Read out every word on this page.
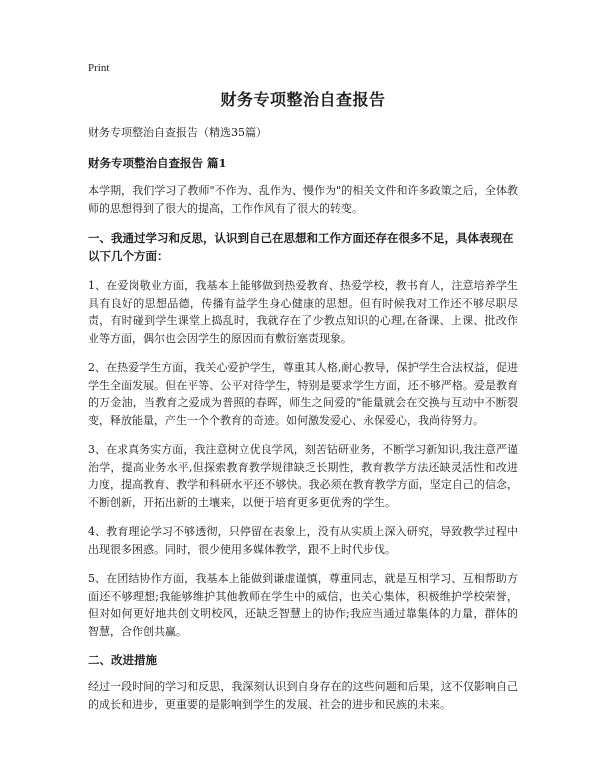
Print
财务专项整治自查报告
财务专项整治自查报告（精选35篇）
财务专项整治自查报告 篇1

本学期，我们学习了教师"不作为、乱作为、慢作为"的相关文件和许多政策之后，全体教师的思想得到了很大的提高，工作作风有了很大的转变。

一、我通过学习和反思，认识到自己在思想和工作方面还存在很多不足，具体表现在以下几个方面：

1、在爱岗敬业方面，我基本上能够做到热爱教育、热爱学校，教书育人，注意培养学生具有良好的思想品德，传播有益学生身心健康的思想。但有时候我对工作还不够尽职尽责，有时碰到学生课堂上捣乱时，我就存在了少教点知识的心理,在备课、上课、批改作业等方面，偶尔也会因学生的原因而有敷衍塞责现象。

2、在热爱学生方面，我关心爱护学生，尊重其人格,耐心教导，保护学生合法权益，促进学生全面发展。但在平等、公平对待学生，特别是要求学生方面，还不够严格。爱是教育的万金油，当教育之爱成为普照的春晖，师生之间爱的"能量就会在交换与互动中不断裂变，释放能量，产生一个个教育的奇迹。如何激发爱心、永保爱心，我尚待努力。

3、在求真务实方面，我注意树立优良学风，刻苦钻研业务，不断学习新知识,我注意严谨治学，提高业务水平,但探索教育教学规律缺乏长期性，教育教学方法还缺灵活性和改进力度，提高教育、教学和科研水平还不够快。我必须在教育教学方面，坚定自己的信念，不断创新，开拓出新的土壤来，以便于培育更多更优秀的学生。

4、教育理论学习不够透彻，只停留在表象上，没有从实质上深入研究，导致教学过程中出现很多困惑。同时，很少使用多媒体教学，跟不上时代步伐。

5、在团结协作方面，我基本上能做到谦虚谨慎，尊重同志，就是互相学习、互相帮助方面还不够理想;我能够维护其他教师在学生中的威信，也关心集体，积极维护学校荣誉，但对如何更好地共创文明校风，还缺乏智慧上的协作;我应当通过靠集体的力量，群体的智慧，合作创共赢。

二、改进措施

经过一段时间的学习和反思，我深刻认识到自身存在的这些问题和后果，这不仅影响自己的成长和进步，更重要的是影响到学生的发展、社会的进步和民族的未来。
